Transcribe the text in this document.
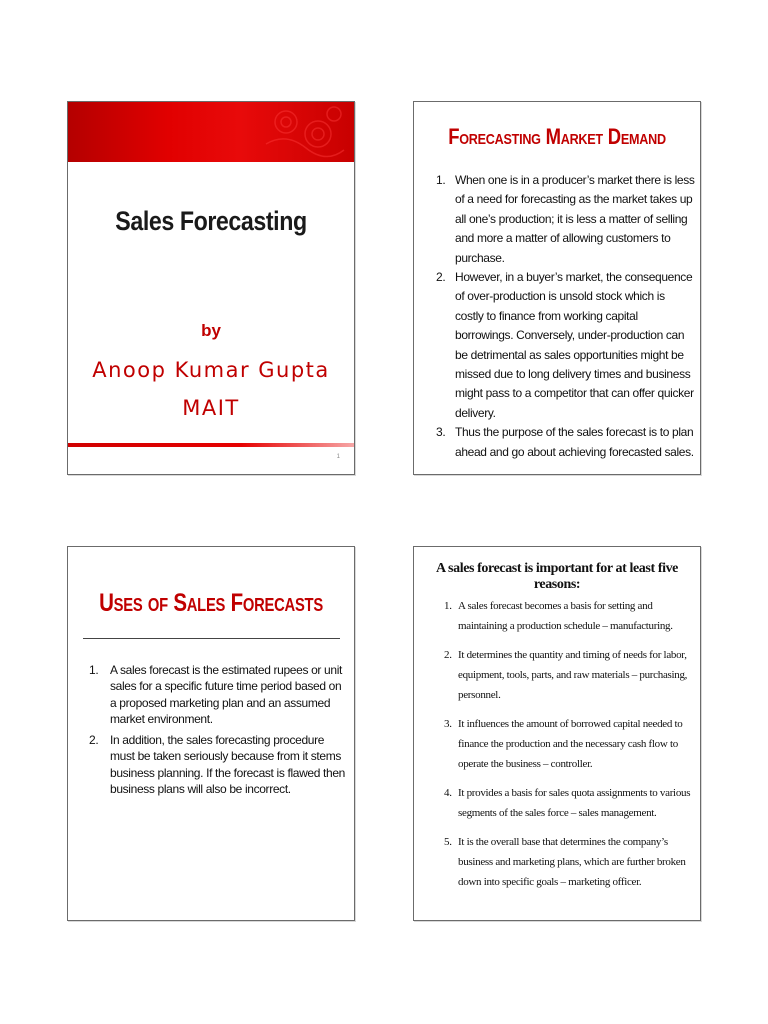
Sales Forecasting
by
Anoop Kumar Gupta
MAIT
1
Forecasting Market Demand
1. When one is in a producer’s market there is less of a need for forecasting as the market takes up all one’s production; it is less a matter of selling and more a matter of allowing customers to purchase.
2. However, in a buyer’s market, the consequence of over-production is unsold stock which is costly to finance from working capital borrowings. Conversely, under-production can be detrimental as sales opportunities might be missed due to long delivery times and business might pass to a competitor that can offer quicker delivery.
3. Thus the purpose of the sales forecast is to plan ahead and go about achieving forecasted sales.
Uses of Sales Forecasts
1. A sales forecast is the estimated rupees or unit sales for a specific future time period based on a proposed marketing plan and an assumed market environment.
2. In addition, the sales forecasting procedure must be taken seriously because from it stems business planning. If the forecast is flawed then business plans will also be incorrect.
A sales forecast is important for at least five reasons:
1. A sales forecast becomes a basis for setting and maintaining a production schedule – manufacturing.
2. It determines the quantity and timing of needs for labor, equipment, tools, parts, and raw materials – purchasing, personnel.
3. It influences the amount of borrowed capital needed to finance the production and the necessary cash flow to operate the business – controller.
4. It provides a basis for sales quota assignments to various segments of the sales force – sales management.
5. It is the overall base that determines the company’s business and marketing plans, which are further broken down into specific goals – marketing officer.
